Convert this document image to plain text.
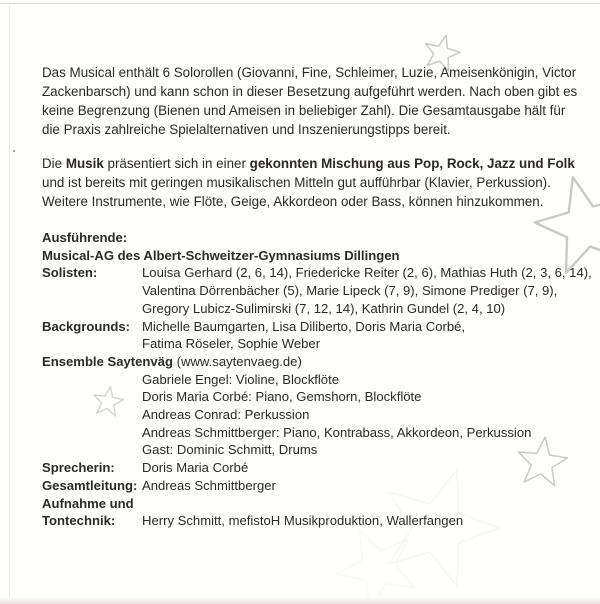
Das Musical enthält 6 Solorollen (Giovanni, Fine, Schleimer, Luzie, Ameisenkönigin, Victor
Zackenbarsch) und kann schon in dieser Besetzung aufgeführt werden. Nach oben gibt es
keine Begrenzung (Bienen und Ameisen in beliebiger Zahl). Die Gesamtausgabe hält für
die Praxis zahlreiche Spielalternativen und Inszenierungstipps bereit.
Die Musik präsentiert sich in einer gekonnten Mischung aus Pop, Rock, Jazz und Folk
und ist bereits mit geringen musikalischen Mitteln gut aufführbar (Klavier, Perkussion).
Weitere Instrumente, wie Flöte, Geige, Akkordeon oder Bass, können hinzukommen.
Ausführende:
Musical-AG des Albert-Schweitzer-Gymnasiums Dillingen
Solisten:	Louisa Gerhard (2, 6, 14), Friedericke Reiter (2, 6), Mathias Huth (2, 3, 6, 14),
Valentina Dörrenbächer (5), Marie Lipeck (7, 9), Simone Prediger (7, 9),
Gregory Lubicz-Sulimirski (7, 12, 14), Kathrin Gundel (2, 4, 10)
Backgrounds: Michelle Baumgarten, Lisa Diliberto, Doris Maria Corbé,
Fatima Röseler, Sophie Weber
Ensemble Saytenväg (www.saytenvaeg.de)
Gabriele Engel: Violine, Blockflöte
Doris Maria Corbé: Piano, Gemshorn, Blockflöte
Andreas Conrad: Perkussion
Andreas Schmittberger: Piano, Kontrabass, Akkordeon, Perkussion
Gast: Dominic Schmitt, Drums
Sprecherin:	Doris Maria Corbé
Gesamtleitung: Andreas Schmittberger
Aufnahme und
Tontechnik:	Herry Schmitt, mefistoH Musikproduktion, Wallerfangen
